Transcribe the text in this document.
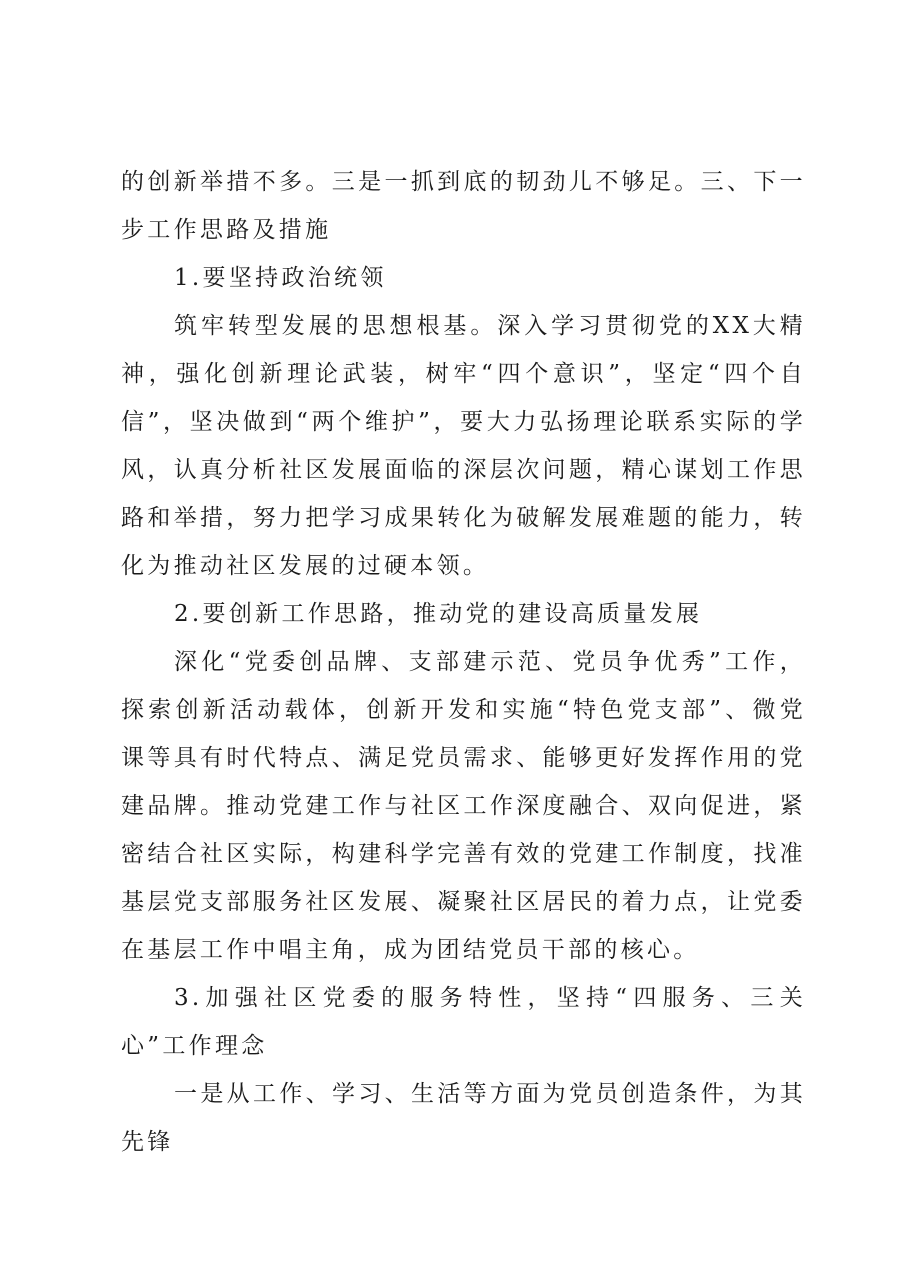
的创新举措不多。三是一抓到底的韧劲儿不够足。三、下一步工作思路及措施

1.要坚持政治统领

筑牢转型发展的思想根基。深入学习贯彻党的XX大精神，强化创新理论武装，树牢“四个意识”，坚定“四个自信”，坚决做到“两个维护”，要大力弘扬理论联系实际的学风，认真分析社区发展面临的深层次问题，精心谋划工作思路和举措，努力把学习成果转化为破解发展难题的能力，转化为推动社区发展的过硬本领。

2.要创新工作思路，推动党的建设高质量发展

深化“党委创品牌、支部建示范、党员争优秀”工作，探索创新活动载体，创新开发和实施“特色党支部”、微党课等具有时代特点、满足党员需求、能够更好发挥作用的党建品牌。推动党建工作与社区工作深度融合、双向促进，紧密结合社区实际，构建科学完善有效的党建工作制度，找准基层党支部服务社区发展、凝聚社区居民的着力点，让党委在基层工作中唱主角，成为团结党员干部的核心。

3.加强社区党委的服务特性，坚持“四服务、三关心”工作理念

一是从工作、学习、生活等方面为党员创造条件，为其先锋
